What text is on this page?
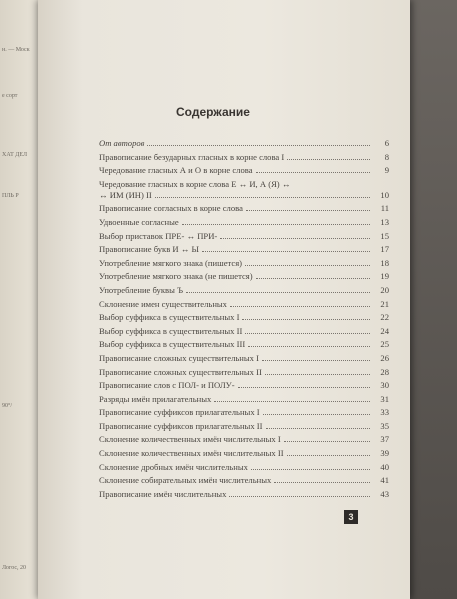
н. — Моск
е сорт
ХАТ ДЕЛ
ПЛЬ Р
90°/
Логос, 20
Содержание
От авторов	6
Правописание безударных гласных в корне слова I	8
Чередование гласных А и О в корне слова	9
Чередование гласных в корне слова Е ↔ И, А (Я) ↔
↔ ИМ (ИН) II	10
Правописание согласных в корне слова	11
Удвоенные согласные	13
Выбор приставок ПРЕ- ↔ ПРИ-	15
Правописание букв И ↔ Ы	17
Употребление мягкого знака (пишется)	18
Употребление мягкого знака (не пишется)	19
Употребление буквы Ъ	20
Склонение имен существительных	21
Выбор суффикса в существительных I	22
Выбор суффикса в существительных II	24
Выбор суффикса в существительных III	25
Правописание сложных существительных I	26
Правописание сложных существительных II	28
Правописание слов с ПОЛ- и ПОЛУ-	30
Разряды имён прилагательных	31
Правописание суффиксов прилагательных I	33
Правописание суффиксов прилагательных II	35
Склонение количественных имён числительных I	37
Склонение количественных имён числительных II	39
Склонение дробных имён числительных	40
Склонение собирательных имён числительных	41
Правописание имён числительных	43
3
